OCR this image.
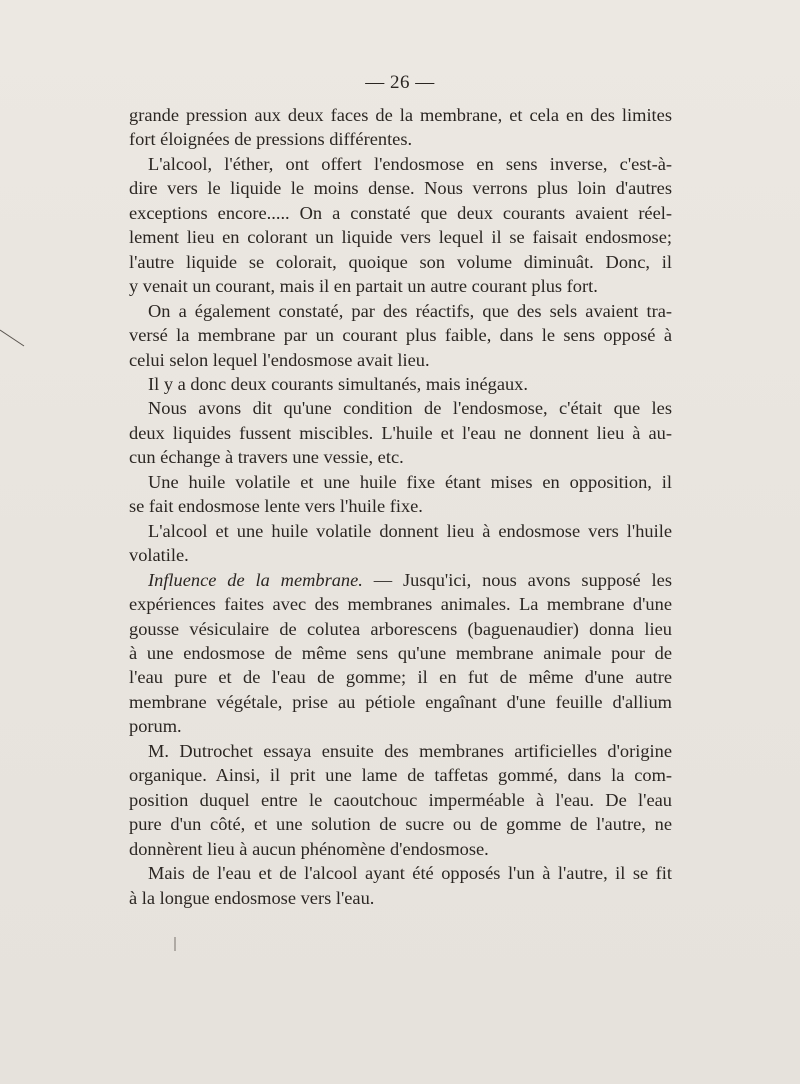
— 26 —

grande pression aux deux faces de la membrane, et cela en des limites

fort éloignées de pressions différentes.

L'alcool, l'éther, ont offert l'endosmose en sens inverse, c'est-à-

dire vers le liquide le moins dense. Nous verrons plus loin d'autres

exceptions encore..... On a constaté que deux courants avaient réel-

lement lieu en colorant un liquide vers lequel il se faisait endosmose;

l'autre liquide se colorait, quoique son volume diminuât. Donc, il

y venait un courant, mais il en partait un autre courant plus fort.

On a également constaté, par des réactifs, que des sels avaient tra-

versé la membrane par un courant plus faible, dans le sens opposé à

celui selon lequel l'endosmose avait lieu.

Il y a donc deux courants simultanés, mais inégaux.

Nous avons dit qu'une condition de l'endosmose, c'était que les

deux liquides fussent miscibles. L'huile et l'eau ne donnent lieu à au-

cun échange à travers une vessie, etc.

Une huile volatile et une huile fixe étant mises en opposition, il

se fait endosmose lente vers l'huile fixe.

L'alcool et une huile volatile donnent lieu à endosmose vers l'huile

volatile.

Influence de la membrane. — Jusqu'ici, nous avons supposé les

expériences faites avec des membranes animales. La membrane d'une

gousse vésiculaire de colutea arborescens (baguenaudier) donna lieu

à une endosmose de même sens qu'une membrane animale pour de

l'eau pure et de l'eau de gomme; il en fut de même d'une autre

membrane végétale, prise au pétiole engaînant d'une feuille d'allium

porum.

M. Dutrochet essaya ensuite des membranes artificielles d'origine

organique. Ainsi, il prit une lame de taffetas gommé, dans la com-

position duquel entre le caoutchouc imperméable à l'eau. De l'eau

pure d'un côté, et une solution de sucre ou de gomme de l'autre, ne

donnèrent lieu à aucun phénomène d'endosmose.

Mais de l'eau et de l'alcool ayant été opposés l'un à l'autre, il se fit

à la longue endosmose vers l'eau.
